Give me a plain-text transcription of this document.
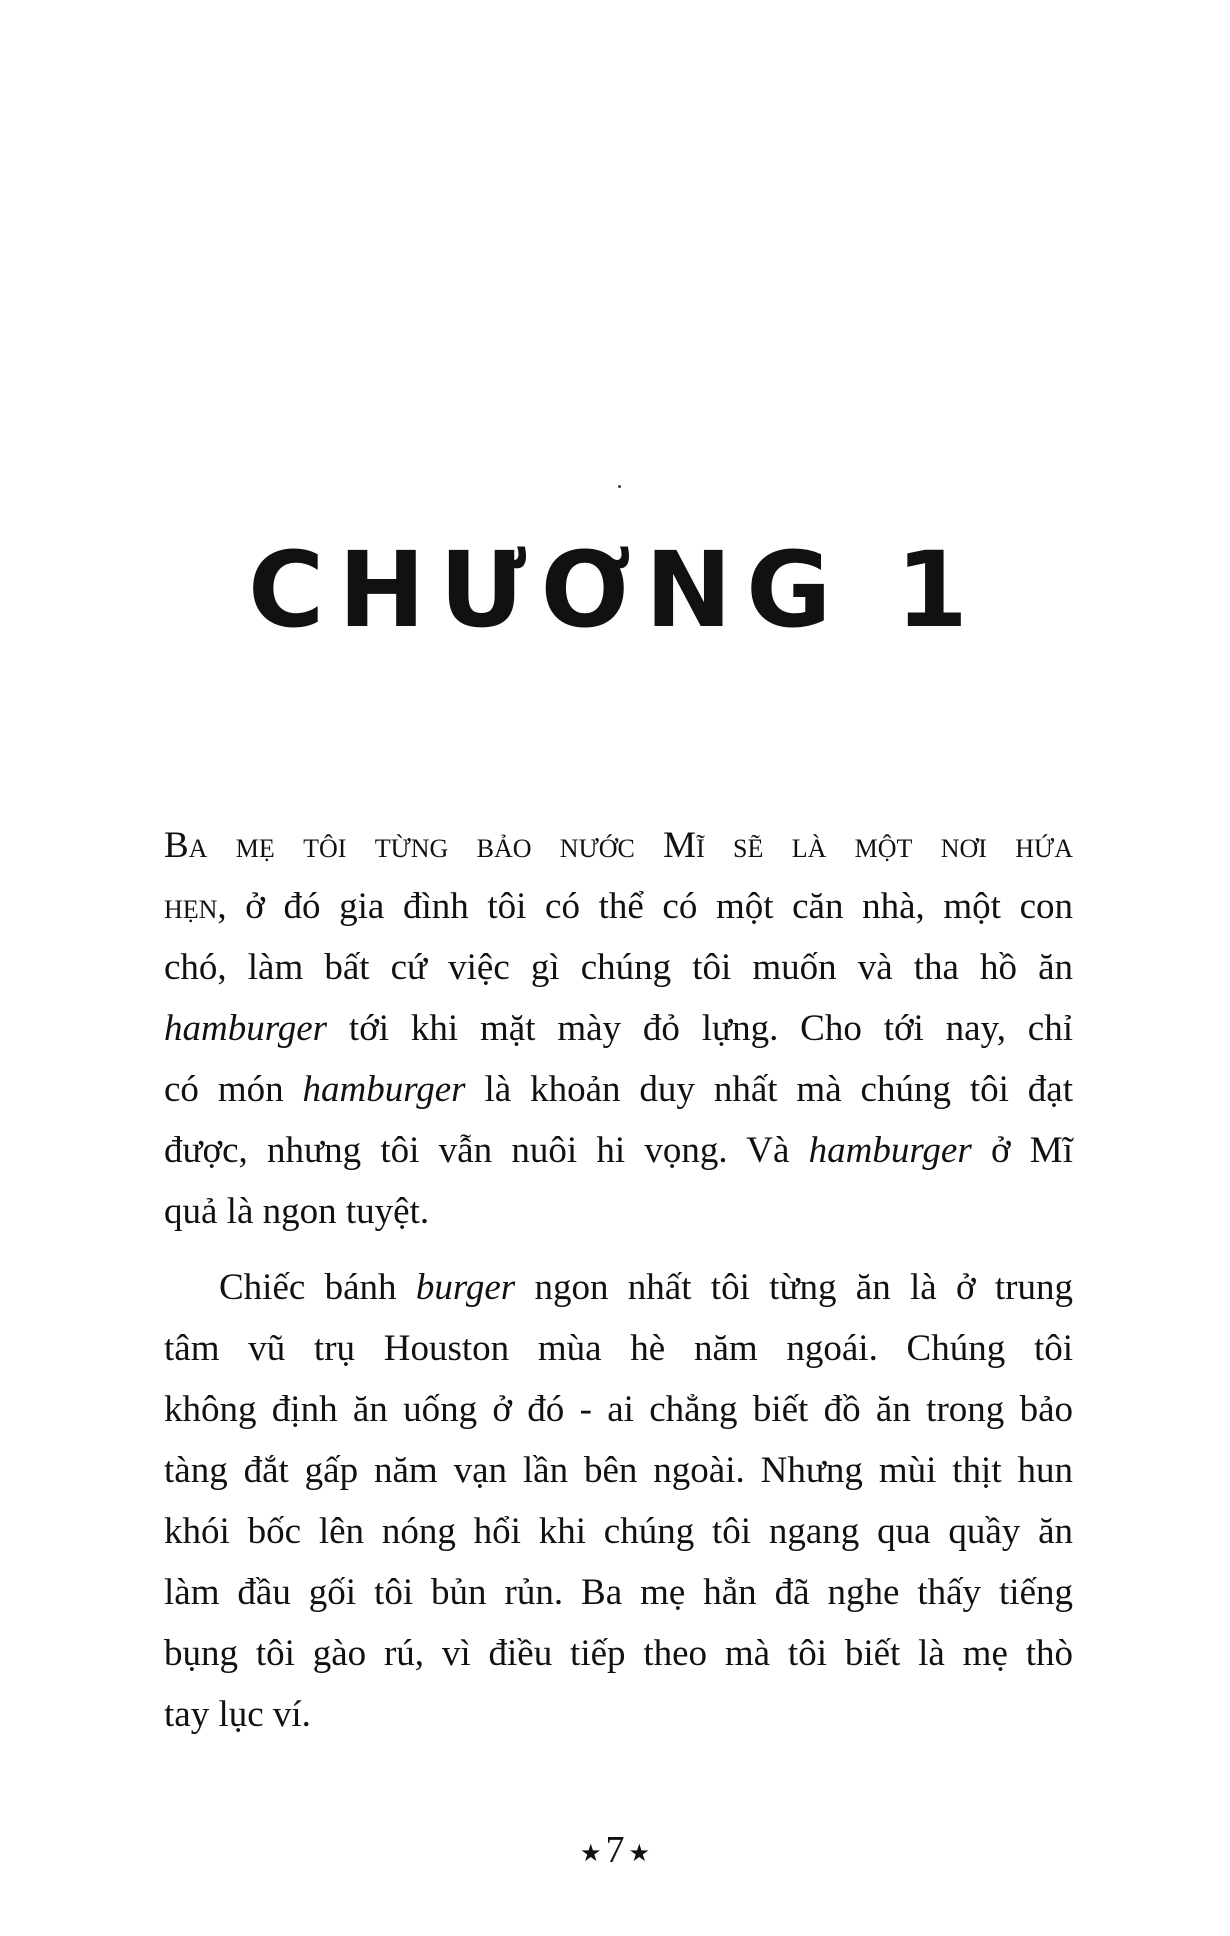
CHƯƠNG 1
Ba mẹ tôi từng bảo nước Mĩ sẽ là một nơi hứa
hẹn, ở đó gia đình tôi có thể có một căn nhà, một con
chó, làm bất cứ việc gì chúng tôi muốn và tha hồ ăn
hamburger tới khi mặt mày đỏ lựng. Cho tới nay, chỉ
có món hamburger là khoản duy nhất mà chúng tôi đạt
được, nhưng tôi vẫn nuôi hi vọng. Và hamburger ở Mĩ
quả là ngon tuyệt.
Chiếc bánh burger ngon nhất tôi từng ăn là ở trung
tâm vũ trụ Houston mùa hè năm ngoái. Chúng tôi
không định ăn uống ở đó - ai chẳng biết đồ ăn trong bảo
tàng đắt gấp năm vạn lần bên ngoài. Nhưng mùi thịt hun
khói bốc lên nóng hổi khi chúng tôi ngang qua quầy ăn
làm đầu gối tôi bủn rủn. Ba mẹ hẳn đã nghe thấy tiếng
bụng tôi gào rú, vì điều tiếp theo mà tôi biết là mẹ thò
tay lục ví.
★ 7 ★
